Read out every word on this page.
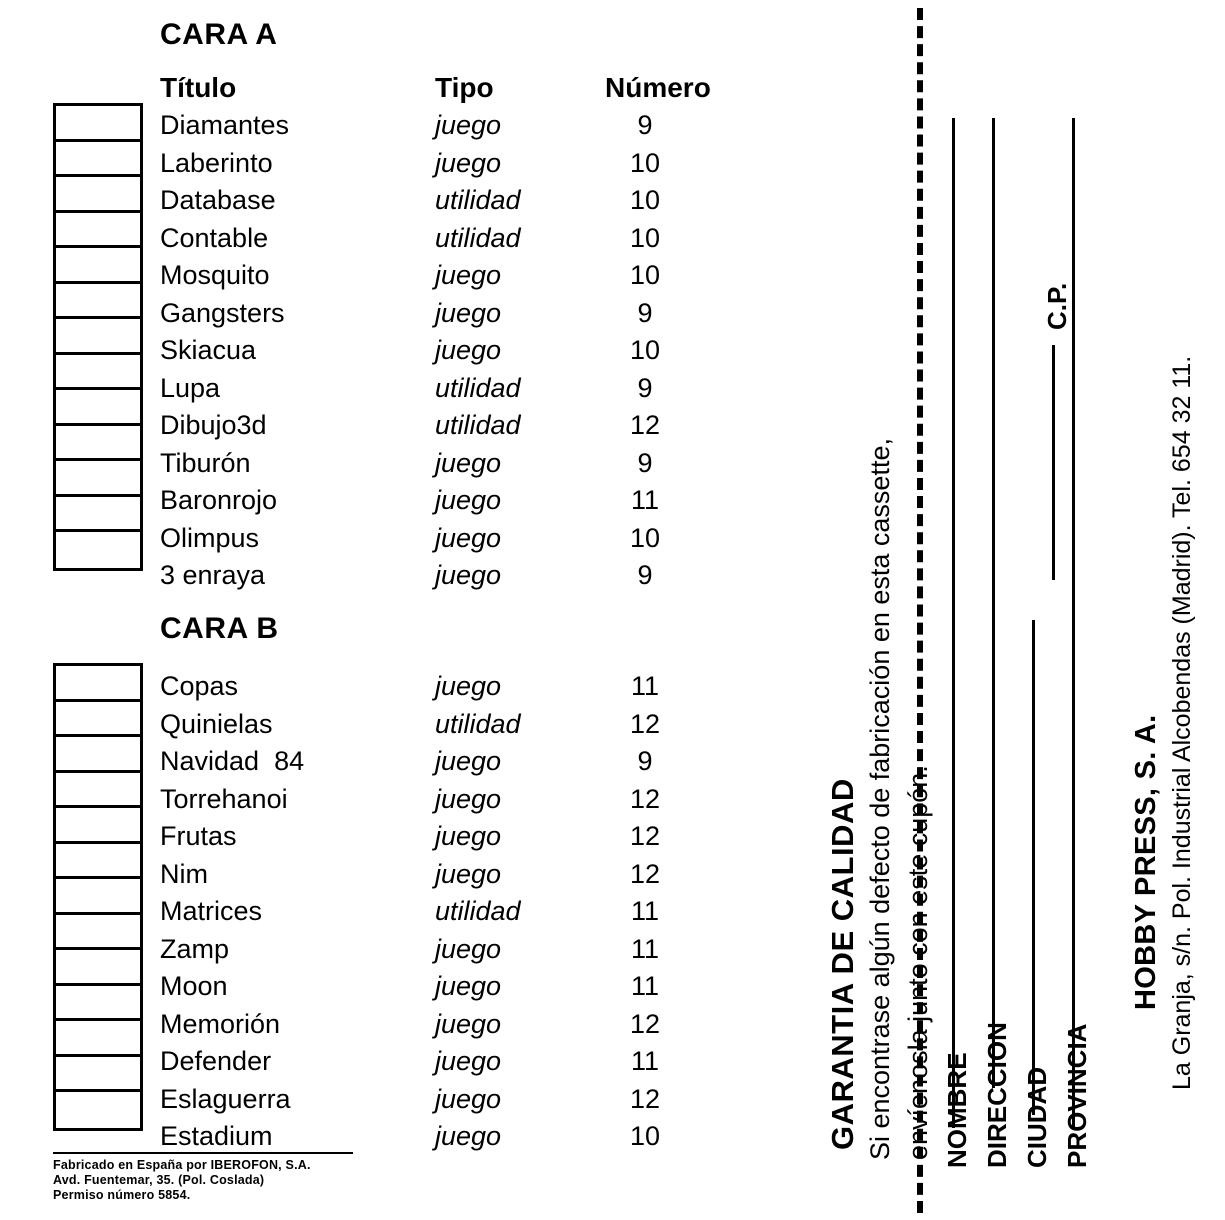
CARA A
Título	Tipo	Número
Diamantes	juego	9
Laberinto	juego	10
Database	utilidad	10
Contable	utilidad	10
Mosquito	juego	10
Gangsters	juego	9
Skiacua	juego	10
Lupa	utilidad	9
Dibujo3d	utilidad	12
Tiburón	juego	9
Baronrojo	juego	11
Olimpus	juego	10
3 enraya	juego	9
CARA B
Copas	juego	11
Quinielas	utilidad	12
Navidad  84	juego	9
Torrehanoi	juego	12
Frutas	juego	12
Nim	juego	12
Matrices	utilidad	11
Zamp	juego	11
Moon	juego	11
Memorión	juego	12
Defender	juego	11
Eslaguerra	juego	12
Estadium	juego	10
Fabricado en España por IBEROFON, S.A.
Avd. Fuentemar, 35. (Pol. Coslada)
Permiso número 5854.
GARANTIA DE CALIDAD Si encontrase algún defecto de fabricación en esta cassette, envíenosla junto con este cupón. NOMBRE DIRECCION CIUDAD
C.P.
PROVINCIA
HOBBY PRESS, S. A. La Granja, s/n. Pol. Industrial Alcobendas (Madrid). Tel. 654 32 11.
